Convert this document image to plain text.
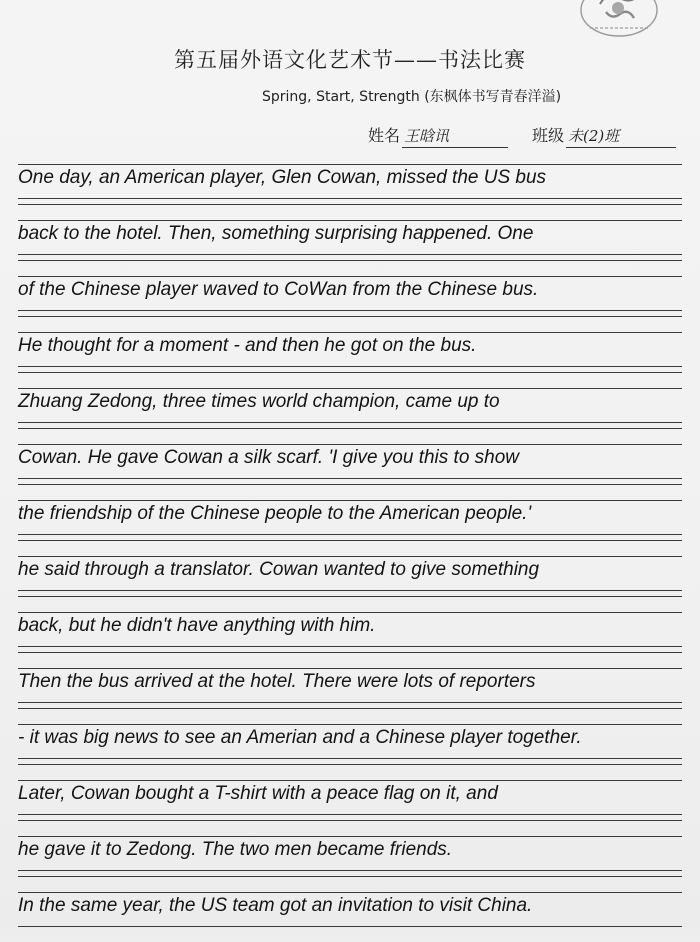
第五届外语文化艺术节——书法比赛
Spring, Start, Strength (东枫体书写青春洋溢)
姓名 王晗讯	班级 未(2)班
One day, an American player, Glen Cowan, missed the US bus
back to the hotel. Then, something surprising happened. One
of the Chinese player waved to CoWan from the Chinese bus.
He thought for a moment - and then he got on the bus.
Zhuang Zedong, three times world champion, came up to
Cowan. He gave Cowan a silk scarf. 'I give you this to show
the friendship of the Chinese people to the American people.'
he said through a translator. Cowan wanted to give something
back, but he didn't have anything with him.
Then the bus arrived at the hotel. There were lots of reporters
- it was big news to see an Amerian and a Chinese player together.
Later, Cowan bought a T-shirt with a peace flag on it, and
he gave it to Zedong. The two men became friends.
In the same year, the US team got an invitation to visit China.
